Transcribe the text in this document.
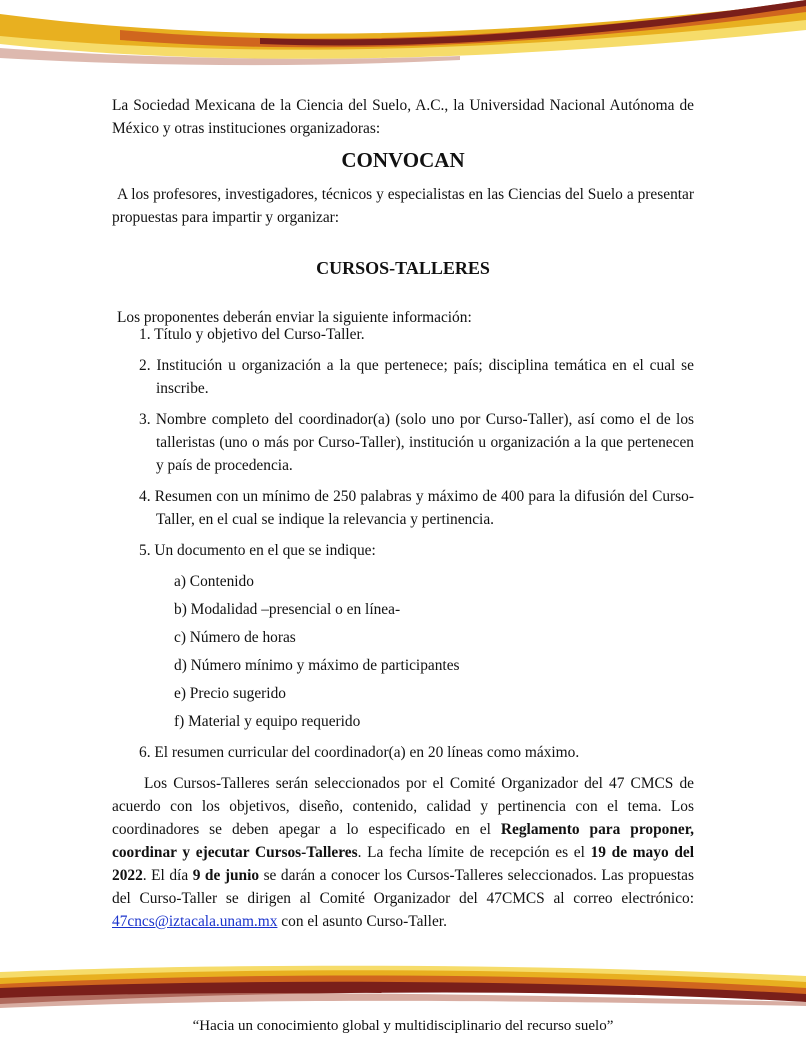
La Sociedad Mexicana de la Ciencia del Suelo, A.C., la Universidad Nacional Autónoma de México y otras instituciones organizadoras:

CONVOCAN

A los profesores, investigadores, técnicos y especialistas en las Ciencias del Suelo a presentar propuestas para impartir y organizar:

CURSOS-TALLERES

Los proponentes deberán enviar la siguiente información:

1. Título y objetivo del Curso-Taller.

2. Institución u organización a la que pertenece; país; disciplina temática en el cual se inscribe.

3. Nombre completo del coordinador(a) (solo uno por Curso-Taller), así como el de los talleristas (uno o más por Curso-Taller), institución u organización a la que pertenecen y país de procedencia.

4. Resumen con un mínimo de 250 palabras y máximo de 400 para la difusión del Curso-Taller, en el cual se indique la relevancia y pertinencia.

5. Un documento en el que se indique:

a) Contenido

b) Modalidad –presencial o en línea-

c) Número de horas

d) Número mínimo y máximo de participantes

e) Precio sugerido

f) Material y equipo requerido

6. El resumen curricular del coordinador(a) en 20 líneas como máximo.

Los Cursos-Talleres serán seleccionados por el Comité Organizador del 47 CMCS de acuerdo con los objetivos, diseño, contenido, calidad y pertinencia con el tema. Los coordinadores se deben apegar a lo especificado en el Reglamento para proponer, coordinar y ejecutar Cursos-Talleres. La fecha límite de recepción es el 19 de mayo del 2022. El día 9 de junio se darán a conocer los Cursos-Talleres seleccionados. Las propuestas del Curso-Taller se dirigen al Comité Organizador del 47CMCS al correo electrónico: 47cncs@iztacala.unam.mx con el asunto Curso-Taller.

“Hacia un conocimiento global y multidisciplinario del recurso suelo”
